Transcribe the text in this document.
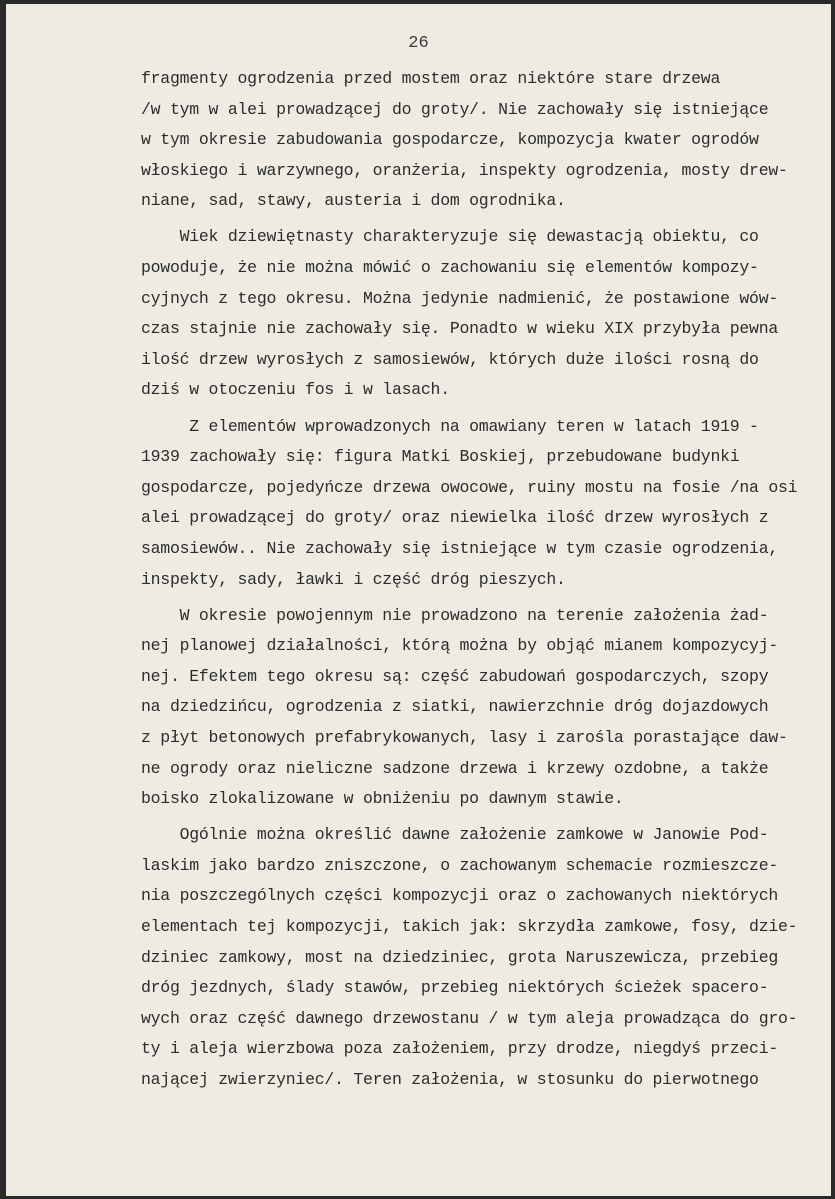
26
fragmenty ogrodzenia przed mostem oraz niektóre stare drzewa
/w tym w alei prowadzącej do groty/. Nie zachowały się istniejące
w tym okresie zabudowania gospodarcze, kompozycja kwater ogrodów
włoskiego i warzywnego, oranżeria, inspekty ogrodzenia, mosty drew-
niane, sad, stawy, austeria i dom ogrodnika.
Wiek dziewiętnasty charakteryzuje się dewastacją obiektu, co
powoduje, że nie można mówić o zachowaniu się elementów kompozy-
cyjnych z tego okresu. Można jedynie nadmienić, że postawione wów-
czas stajnie nie zachowały się. Ponadto w wieku XIX przybyła pewna
ilość drzew wyrosłych z samosiewów, których duże ilości rosną do
dziś w otoczeniu fos i w lasach.
Z elementów wprowadzonych na omawiany teren w latach 1919 -
1939 zachowały się: figura Matki Boskiej, przebudowane budynki
gospodarcze, pojedyńcze drzewa owocowe, ruiny mostu na fosie /na osi
alei prowadzącej do groty/ oraz niewielka ilość drzew wyrosłych z
samosiewów.. Nie zachowały się istniejące w tym czasie ogrodzenia,
inspekty, sady, ławki i część dróg pieszych.
W okresie powojennym nie prowadzono na terenie założenia żad-
nej planowej działalności, którą można by objąć mianem kompozycyj-
nej. Efektem tego okresu są: część zabudowań gospodarczych, szopy
na dziedzińcu, ogrodzenia z siatki, nawierzchnie dróg dojazdowych
z płyt betonowych prefabrykowanych, lasy i zarośla porastające daw-
ne ogrody oraz nieliczne sadzone drzewa i krzewy ozdobne, a także
boisko zlokalizowane w obniżeniu po dawnym stawie.
Ogólnie można określić dawne założenie zamkowe w Janowie Pod-
laskim jako bardzo zniszczone, o zachowanym schemacie rozmieszcze-
nia poszczególnych części kompozycji oraz o zachowanych niektórych
elementach tej kompozycji, takich jak: skrzydła zamkowe, fosy, dzie-
dziniec zamkowy, most na dziedziniec, grota Naruszewicza, przebieg
dróg jezdnych, ślady stawów, przebieg niektórych ścieżek spacero-
wych oraz część dawnego drzewostanu / w tym aleja prowadząca do gro-
ty i aleja wierzbowa poza założeniem, przy drodze, niegdyś przeci-
nającej zwierzyniec/. Teren założenia, w stosunku do pierwotnego
